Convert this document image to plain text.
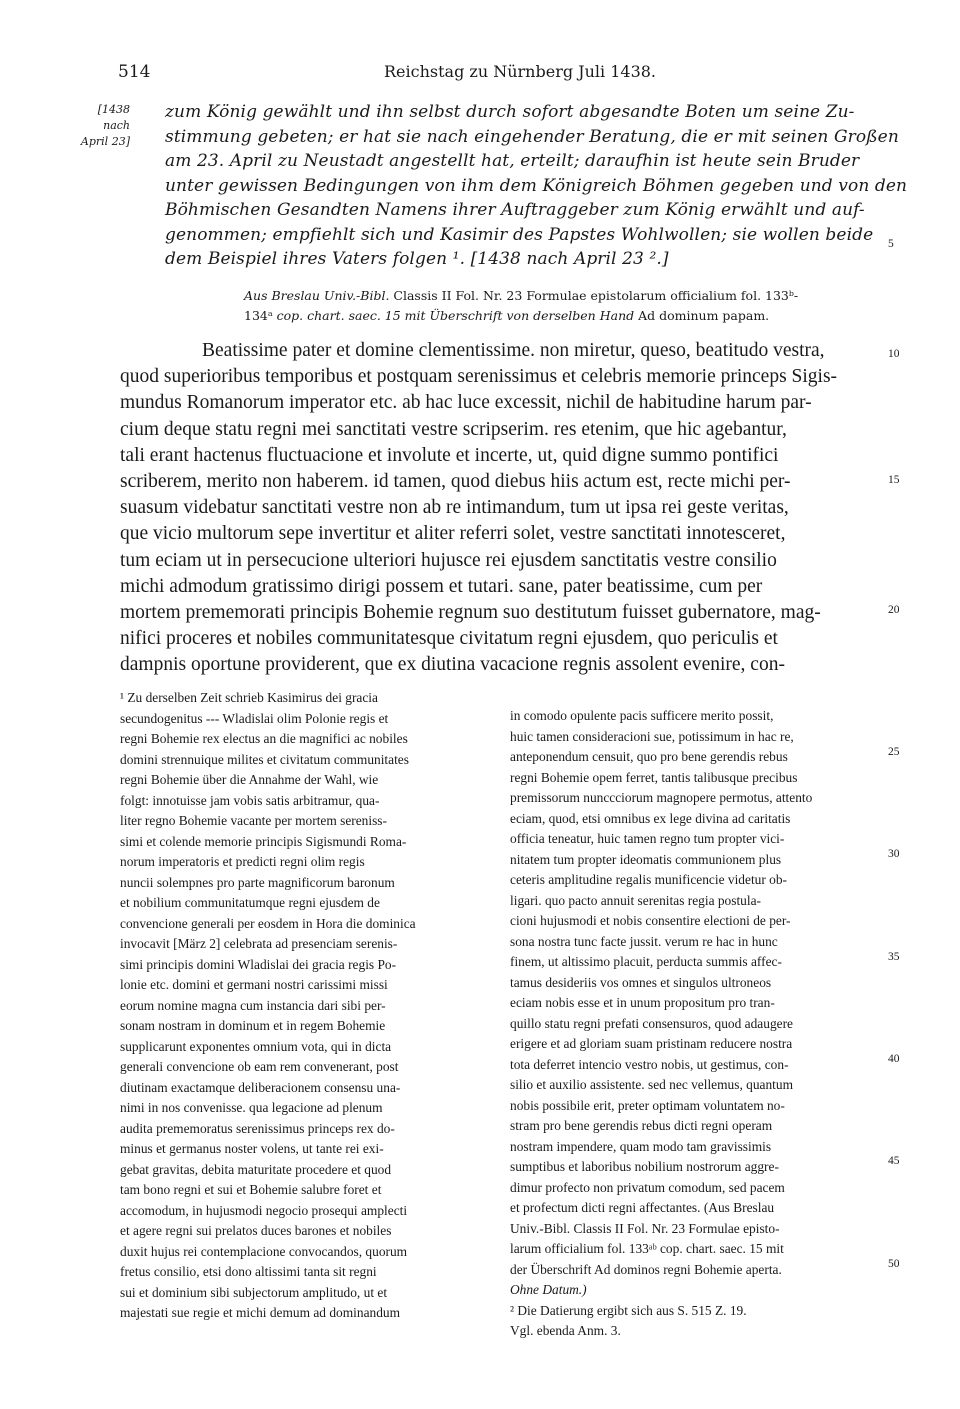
514	Reichstag zu Nürnberg Juli 1438.
[1438
nach
April 23]
zum König gewählt und ihn selbst durch sofort abgesandte Boten um seine Zu-
stimmung gebeten; er hat sie nach eingehender Beratung, die er mit seinen Großen
am 23. April zu Neustadt angestellt hat, erteilt; daraufhin ist heute sein Bruder
unter gewissen Bedingungen von ihm dem Königreich Böhmen gegeben und von den
Böhmischen Gesandten Namens ihrer Auftraggeber zum König erwählt und auf-
genommen; empfiehlt sich und Kasimir des Papstes Wohlwollen; sie wollen beide
dem Beispiel ihres Vaters folgen ¹. [1438 nach April 23 ².]
Aus Breslau Univ.-Bibl. Classis II Fol. Nr. 23 Formulae epistolarum officialium fol. 133ᵇ-
134ᵃ cop. chart. saec. 15 mit Überschrift von derselben Hand Ad dominum papam.
Beatissime pater et domine clementissime. non miretur, queso, beatitudo vestra,
quod superioribus temporibus et postquam serenissimus et celebris memorie princeps Sigis-
mundus Romanorum imperator etc. ab hac luce excessit, nichil de habitudine harum par-
cium deque statu regni mei sanctitati vestre scripserim. res etenim, que hic agebantur,
tali erant hactenus fluctuacione et involute et incerte, ut, quid digne summo pontifici
scriberem, merito non haberem. id tamen, quod diebus hiis actum est, recte michi per-
suasum videbatur sanctitati vestre non ab re intimandum, tum ut ipsa rei geste veritas,
que vicio multorum sepe invertitur et aliter referri solet, vestre sanctitati innotesceret,
tum eciam ut in persecucione ulteriori hujusce rei ejusdem sanctitatis vestre consilio
michi admodum gratissimo dirigi possem et tutari. sane, pater beatissime, cum per
mortem prememorati principis Bohemie regnum suo destitutum fuisset gubernatore, mag-
nifici proceres et nobiles communitatesque civitatum regni ejusdem, quo periculis et
dampnis oportune providerent, que ex diutina vacacione regnis assolent evenire, con-
5
10
15
20
25
30
35
40
45
50
¹ Zu derselben Zeit schrieb Kasimirus dei gracia
secundogenitus --- Wladislai olim Polonie regis et
regni Bohemie rex electus an die magnifici ac nobiles
domini strennuique milites et civitatum communitates
regni Bohemie über die Annahme der Wahl, wie
folgt: innotuisse jam vobis satis arbitramur, qua-
liter regno Bohemie vacante per mortem sereniss-
simi et colende memorie principis Sigismundi Roma-
norum imperatoris et predicti regni olim regis
nuncii solempnes pro parte magnificorum baronum
et nobilium communitatumque regni ejusdem de
convencione generali per eosdem in Hora die dominica
invocavit [März 2] celebrata ad presenciam serenis-
simi principis domini Wladislai dei gracia regis Po-
lonie etc. domini et germani nostri carissimi missi
eorum nomine magna cum instancia dari sibi per-
sonam nostram in dominum et in regem Bohemie
supplicarunt exponentes omnium vota, qui in dicta
generali convencione ob eam rem convenerant, post
diutinam exactamque deliberacionem consensu una-
nimi in nos convenisse. qua legacione ad plenum
audita prememoratus serenissimus princeps rex do-
minus et germanus noster volens, ut tante rei exi-
gebat gravitas, debita maturitate procedere et quod
tam bono regni et sui et Bohemie salubre foret et
accomodum, in hujusmodi negocio prosequi amplecti
et agere regni sui prelatos duces barones et nobiles
duxit hujus rei contemplacione convocandos, quorum
fretus consilio, etsi dono altissimi tanta sit regni
sui et dominium sibi subjectorum amplitudo, ut et
majestati sue regie et michi demum ad dominandum
in comodo opulente pacis sufficere merito possit,
huic tamen consideracioni sue, potissimum in hac re,
anteponendum censuit, quo pro bene gerendis rebus
regni Bohemie opem ferret, tantis talibusque precibus
premissorum nunccciorum magnopere permotus, attento
eciam, quod, etsi omnibus ex lege divina ad caritatis
officia teneatur, huic tamen regno tum propter vici-
nitatem tum propter ideomatis communionem plus
ceteris amplitudine regalis munificencie videtur ob-
ligari. quo pacto annuit serenitas regia postula-
cioni hujusmodi et nobis consentire electioni de per-
sona nostra tunc facte jussit. verum re hac in hunc
finem, ut altissimo placuit, perducta summis affec-
tamus desideriis vos omnes et singulos ultroneos
eciam nobis esse et in unum propositum pro tran-
quillo statu regni prefati consensuros, quod adaugere
erigere et ad gloriam suam pristinam reducere nostra
tota deferret intencio vestro nobis, ut gestimus, con-
silio et auxilio assistente. sed nec vellemus, quantum
nobis possibile erit, preter optimam voluntatem no-
stram pro bene gerendis rebus dicti regni operam
nostram impendere, quam modo tam gravissimis
sumptibus et laboribus nobilium nostrorum aggre-
dimur profecto non privatum comodum, sed pacem
et profectum dicti regni affectantes. (Aus Breslau
Univ.-Bibl. Classis II Fol. Nr. 23 Formulae episto-
larum officialium fol. 133ᵃᵇ cop. chart. saec. 15 mit
der Überschrift Ad dominos regni Bohemie aperta.
Ohne Datum.)
² Die Datierung ergibt sich aus S. 515 Z. 19.
Vgl. ebenda Anm. 3.
